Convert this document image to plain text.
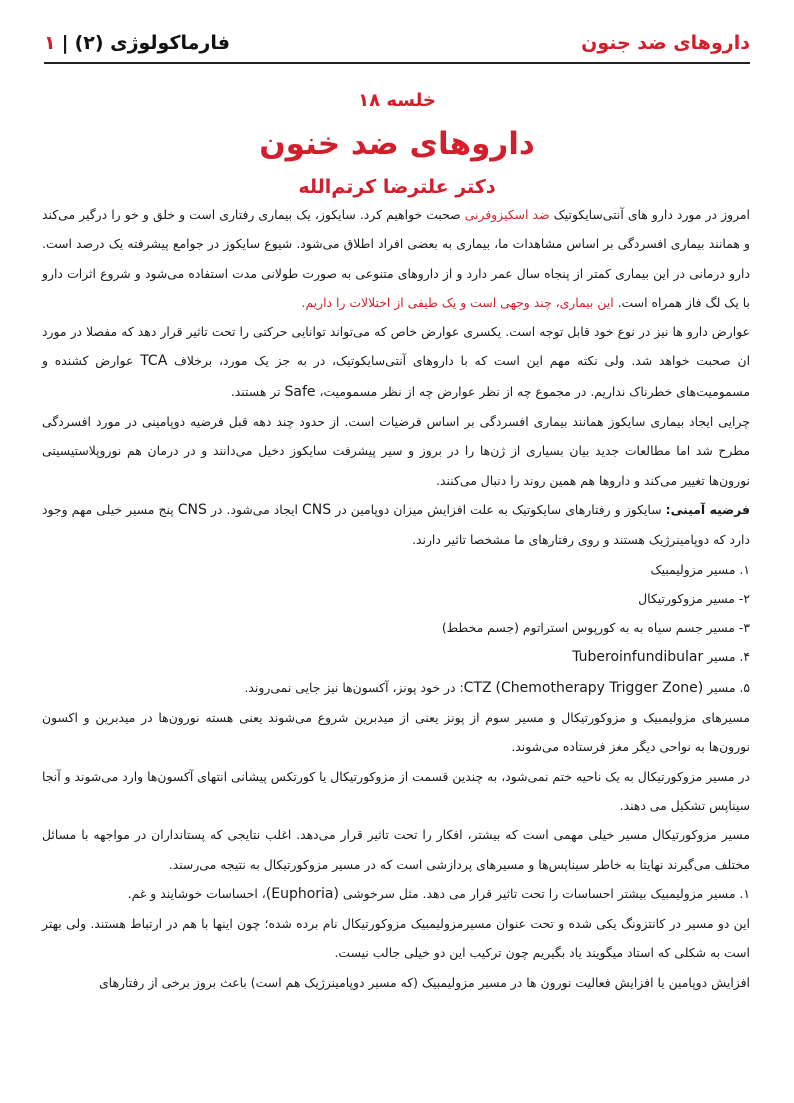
داروهای ضد جنون
فارماکولوژی (۲)|۱

خلسه ۱۸

داروهای ضد خنون

دکتر علترضا کرتم‌الله

امروز در مورد دارو های آنتی‌سایکوتیک ضد اسکیزوفرنی صحبت خواهیم کرد. سایکوز، یک بیماری رفتاری است و خلق و خو را درگیر می‌کند و همانند بیماری افسردگی بر اساس مشاهدات ما، بیماری به بعضی افراد اطلاق می‌شود. شیوع سایکوز در جوامع پیشرفته یک درصد است. دارو درمانی در این بیماری کمتر از پنجاه سال عمر دارد و از داروهای متنوعی به صورت طولانی مدت استفاده می‌شود و شروع اثرات دارو با یک لگ فاز همراه است. این بیماری، چند وجهی است و یک طیفی از اختلالات را داریم.

عوارض دارو ها نیز در نوع خود قابل توجه است. یکسری عوارض خاص که می‌تواند توانایی حرکتی را تحت تاثیر قرار دهد که مفصلا در مورد ان صحبت خواهد شد. ولی نکته مهم این است که با داروهای آنتی‌سایکوتیک، در به جز یک مورد، برخلاف TCA عوارض کشنده و مسمومیت‌های خطرناک نداریم. در مجموع چه از نظر عوارض چه از نظر مسمومیت، Safe تر هستند.

چرایی ایجاد بیماری سایکوز همانند بیماری افسردگی بر اساس فرضیات است. از حدود چند دهه قبل فرضیه دوپامینی در مورد افسردگی مطرح شد اما مطالعات جدید بیان بسیاری از ژن‌ها را در بروز و سیر پیشرفت سایکوز دخیل می‌دانند و در درمان هم نوروپلاستیسیتی نورون‌ها تغییر می‌کند و داروها هم همین روند را دنبال می‌کنند.

فرضیه آمینی: سایکوز و رفتارهای سایکوتیک به علت افزایش میزان دوپامین در CNS ایجاد می‌شود. در CNS پنج مسیر خیلی مهم وجود دارد که دوپامینرژیک هستند و روی رفتارهای ما مشخصا تاثیر دارند.

۱. مسیر مزولیمبیک

۲- مسیر مزوکورتیکال

۳- مسیر جسم سیاه به به کورپوس استراتوم (جسم مخطط)

۴. مسیر Tuberoinfundibular

۵. مسیر CTZ (Chemotherapy Trigger Zone): در خود پونز، آکسون‌ها نیز جایی نمی‌روند.

مسیرهای مزولیمبیک و مزوکورتیکال و مسیر سوم از پونز یعنی از میدبرین شروع می‌شوند یعنی هسته نورون‌ها در میدبرین و اکسون نورون‌ها به نواحی دیگر مغز فرستاده می‌شوند.

در مسیر مزوکورتیکال به یک ناحیه ختم نمی‌شود، به چندین قسمت از مزوکورتیکال یا کورتکس پیشانی انتهای آکسون‌ها وارد می‌شوند و آنجا سیناپس تشکیل می دهند.

مسیر مزوکورتیکال مسیر خیلی مهمی است که بیشتر، افکار را تحت تاثیر قرار می‌دهد. اغلب نتایجی که پستانداران در مواجهه با مسائل مختلف می‌گیرند نهایتا به خاطر سیناپس‌ها و مسیرهای پردازشی است که در مسیر مزوکورتیکال به نتیجه می‌رسند.

۱. مسیر مزولیمبیک بیشتر احساسات را تحت تاثیر قرار می دهد. مثل سرخوشی (Euphoria)، احساسات خوشایند و غم.

این دو مسیر در کانتزونگ یکی شده و تحت عنوان مسیرمزولیمبیک مزوکورتیکال نام برده شده؛ چون اینها با هم در ارتباط هستند. ولی بهتر است به شکلی که استاد میگویند یاد بگیریم چون ترکیب این دو خیلی جالب نیست.

افزایش دوپامین یا افزایش فعالیت نورون ها در مسیر مزولیمبیک (که مسیر دوپامینرژیک هم است) باعث بروز برخی از رفتارهای
